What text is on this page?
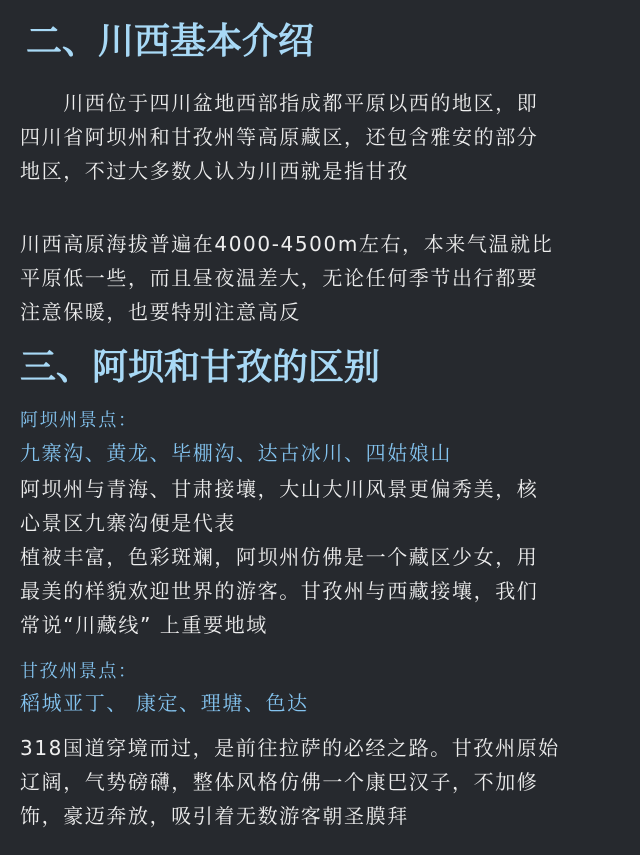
二、川西基本介绍
　　川西位于四川盆地西部指成都平原以西的地区，即
四川省阿坝州和甘孜州等高原藏区，还包含雅安的部分
地区，不过大多数人认为川西就是指甘孜
川西高原海拔普遍在4000-4500m左右，本来气温就比
平原低一些，而且昼夜温差大，无论任何季节出行都要
注意保暖，也要特别注意高反
三、阿坝和甘孜的区别
阿坝州景点：
九寨沟、黄龙、毕棚沟、达古冰川、四姑娘山
阿坝州与青海、甘肃接壤，大山大川风景更偏秀美，核
心景区九寨沟便是代表
植被丰富，色彩斑斓，阿坝州仿佛是一个藏区少女，用
最美的样貌欢迎世界的游客。甘孜州与西藏接壤，我们
常说“川藏线” 上重要地域
甘孜州景点：
稻城亚丁、 康定、理塘、色达
318国道穿境而过，是前往拉萨的必经之路。甘孜州原始
辽阔，气势磅礴，整体风格仿佛一个康巴汉子，不加修
饰，豪迈奔放，吸引着无数游客朝圣膜拜
